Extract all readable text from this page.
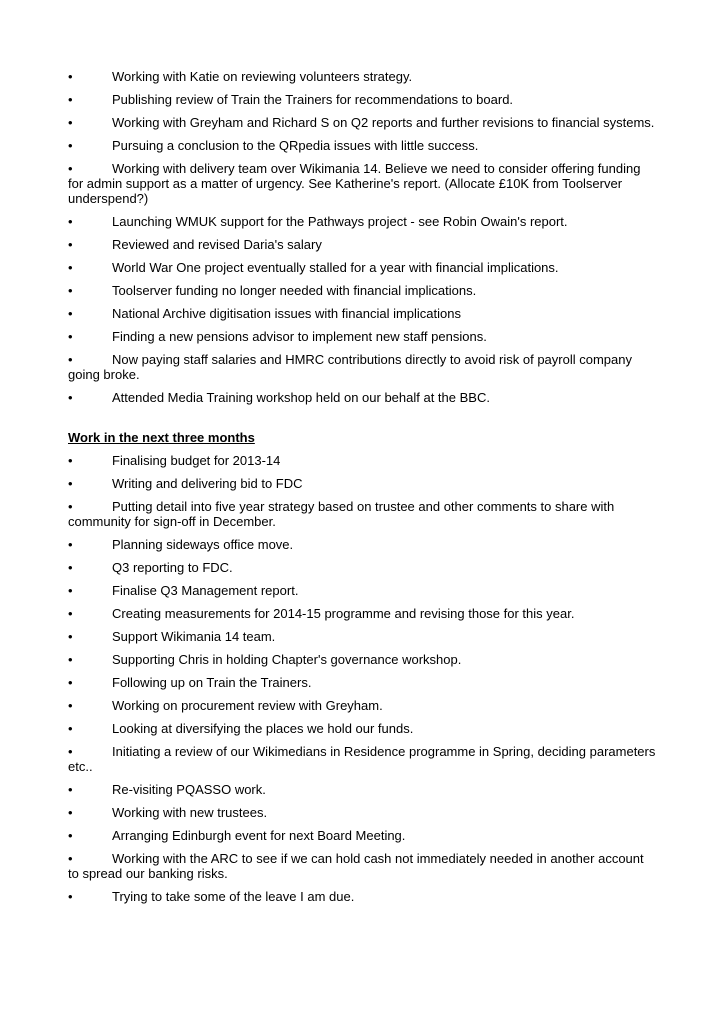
•	Working with Katie on reviewing volunteers strategy.
•	Publishing review of Train the Trainers for recommendations to board.
•	Working with Greyham and Richard S on Q2 reports and further revisions to financial systems.
•	Pursuing a conclusion to the QRpedia issues with little success.
•	Working with delivery team over Wikimania 14. Believe we need to consider offering funding for admin support as a matter of urgency. See Katherine's report. (Allocate £10K from Toolserver underspend?)
•	Launching WMUK support for the Pathways project - see Robin Owain's report.
•	Reviewed and revised Daria's salary
•	World War One project eventually stalled for a year with financial implications.
•	Toolserver funding no longer needed with financial implications.
•	National Archive digitisation issues with financial implications
•	Finding a new pensions advisor to implement new staff pensions.
•	Now paying staff salaries and HMRC contributions directly to avoid risk of payroll company going broke.
•	Attended Media Training workshop held on our behalf at the BBC.

Work in the next three months

•	Finalising budget for 2013-14
•	Writing and delivering bid to FDC
•	Putting detail into five year strategy based on trustee and other comments to share with community for sign-off in December.
•	Planning sideways office move.
•	Q3 reporting to FDC.
•	Finalise Q3 Management report.
•	Creating measurements for 2014-15 programme and revising those for this year.
•	Support Wikimania 14 team.
•	Supporting Chris in holding Chapter's governance workshop.
•	Following up on Train the Trainers.
•	Working on procurement review with Greyham.
•	Looking at diversifying the places we hold our funds.
•	Initiating a review of our Wikimedians in Residence programme in Spring, deciding parameters etc..
•	Re-visiting PQASSO work.
•	Working with new trustees.
•	Arranging Edinburgh event for next Board Meeting.
•	Working with the ARC to see if we can hold cash not immediately needed in another account to spread our banking risks.
•	Trying to take some of the leave I am due.
